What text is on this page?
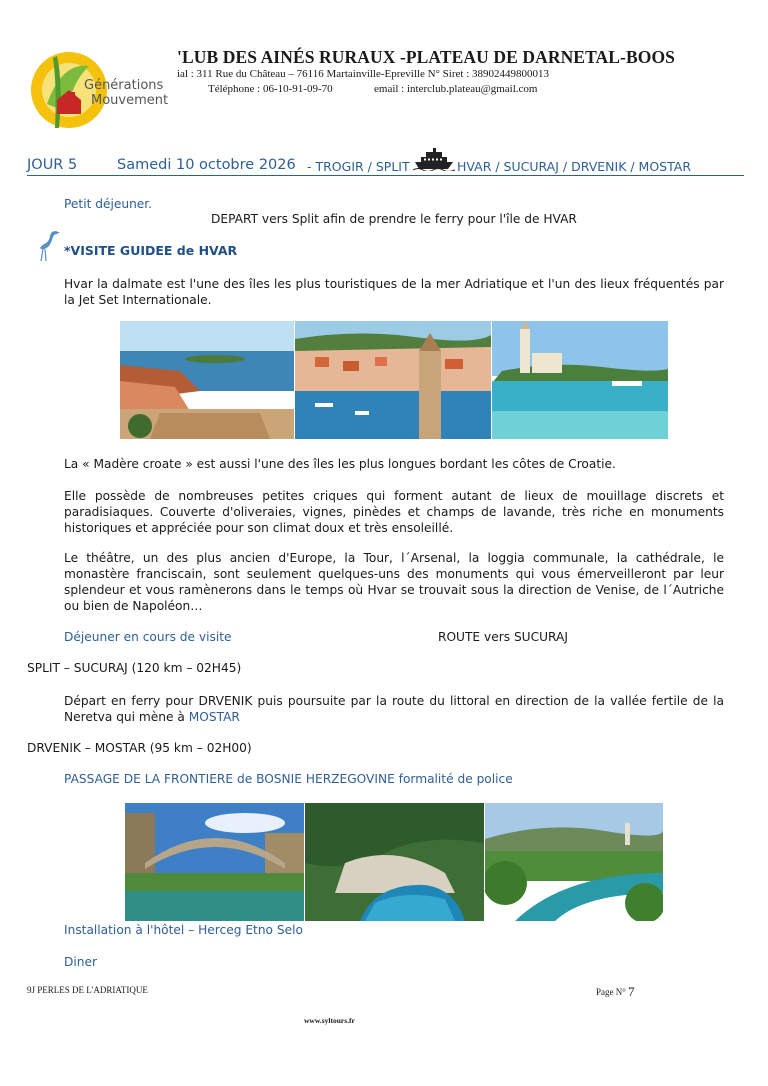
Générations
Mouvement
'LUB DES AINÉS RURAUX -PLATEAU DE DARNETAL-BOOS
ial : 311 Rue du Château – 76116 Martainville-Epreville N° Siret : 38902449800013
Téléphone : 06-10-91-09-70	email : interclub.plateau@gmail.com
JOUR 5	Samedi 10 octobre 2026 - TROGIR / SPLIT	HVAR / SUCURAJ / DRVENIK / MOSTAR
Petit déjeuner.
DEPART vers Split afin de prendre le ferry pour l'île de HVAR
*VISITE GUIDEE de HVAR
Hvar la dalmate est l'une des îles les plus touristiques de la mer Adriatique et l'un des lieux fréquentés par la Jet Set Internationale.
La « Madère croate » est aussi l'une des îles les plus longues bordant les côtes de Croatie.
Elle possède de nombreuses petites criques qui forment autant de lieux de mouillage discrets et paradisiaques. Couverte d'oliveraies, vignes, pinèdes et champs de lavande, très riche en monuments historiques et appréciée pour son climat doux et très ensoleillé.
Le théâtre, un des plus ancien d'Europe, la Tour, l´Arsenal, la loggia communale, la cathédrale, le monastère franciscain, sont seulement quelques-uns des monuments qui vous émerveilleront par leur splendeur et vous ramènerons dans le temps où Hvar se trouvait sous la direction de Venise, de l´Autriche ou bien de Napoléon…
Déjeuner en cours de visite	ROUTE vers SUCURAJ
SPLIT – SUCURAJ (120 km – 02H45)
Départ en ferry pour DRVENIK puis poursuite par la route du littoral en direction de la vallée fertile de la Neretva qui mène à MOSTAR
DRVENIK – MOSTAR (95 km – 02H00)
PASSAGE DE LA FRONTIERE de BOSNIE HERZEGOVINE formalité de police
Installation à l'hôtel – Herceg Etno Selo
Diner
9J PERLES DE L'ADRIATIQUE	Page N° 7
www.syltours.fr
